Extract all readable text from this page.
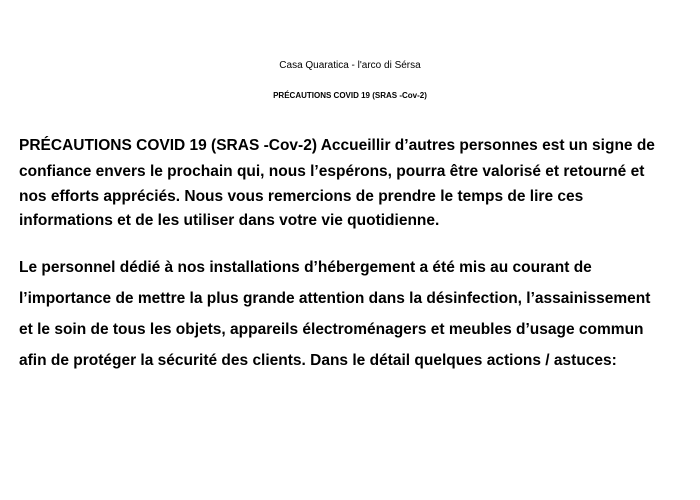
Casa Quaratica - l'arco di Sérsa
PRÉCAUTIONS COVID 19 (SRAS -Cov-2)
PRÉCAUTIONS COVID 19 (SRAS -Cov-2) Accueillir d’autres personnes est un signe de
confiance envers le prochain qui, nous l’espérons, pourra être valorisé et retourné et
nos efforts appréciés. Nous vous remercions de prendre le temps de lire ces
informations et de les utiliser dans votre vie quotidienne.
Le personnel dédié à nos installations d’hébergement a été mis au courant de
l’importance de mettre la plus grande attention dans la désinfection, l’assainissement
et le soin de tous les objets, appareils électroménagers et meubles d’usage commun
afin de protéger la sécurité des clients. Dans le détail quelques actions / astuces:
